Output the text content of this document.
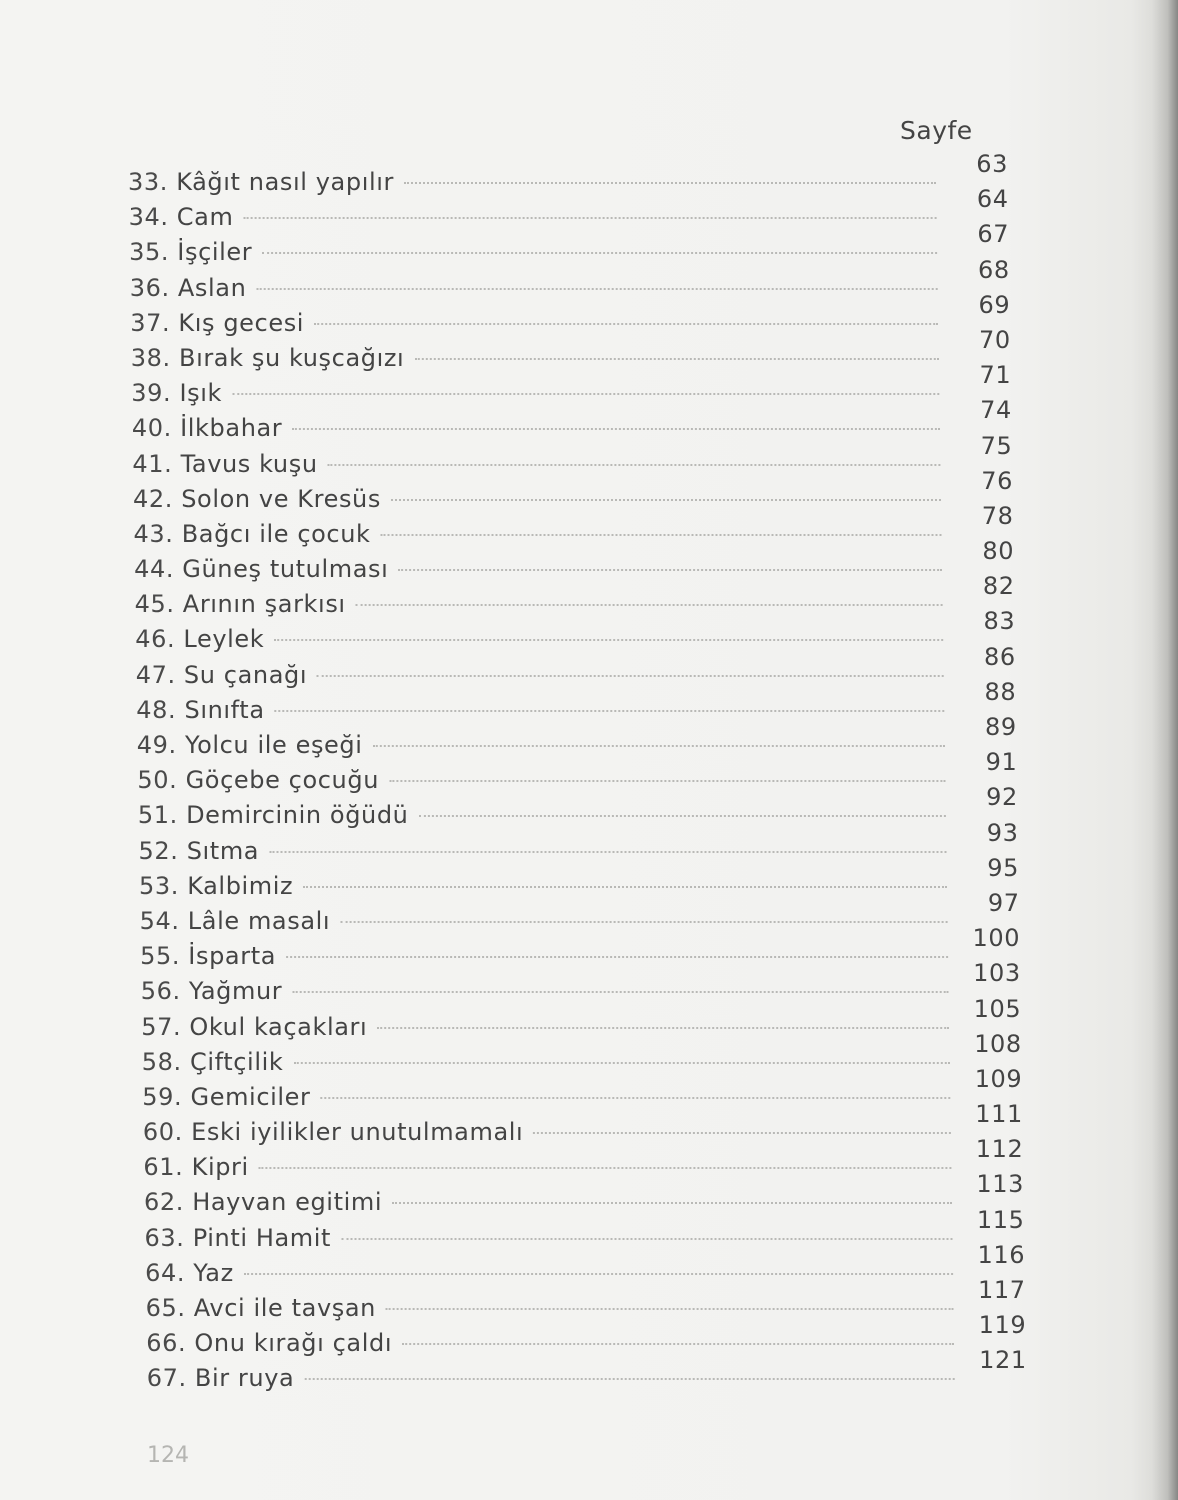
Sayfe
33.
Kâğıt nasıl yapılır
63
34.
Cam
64
35.
İşçiler
67
36.
Aslan
68
37.
Kış gecesi
69
38.
Bırak şu kuşcağızı
70
39.
Işık
71
40.
İlkbahar
74
41.
Tavus kuşu
75
42.
Solon ve Kresüs
76
43.
Bağcı ile çocuk
78
44.
Güneş tutulması
80
45.
Arının şarkısı
82
46.
Leylek
83
47.
Su çanağı
86
48.
Sınıfta
88
49.
Yolcu ile eşeği
89
50.
Göçebe çocuğu
91
51.
Demircinin öğüdü
92
52.
Sıtma
93
53.
Kalbimiz
95
54.
Lâle masalı
97
55.
İsparta
100
56.
Yağmur
103
57.
Okul kaçakları
105
58.
Çiftçilik
108
59.
Gemiciler
109
60.
Eski iyilikler unutulmamalı
111
61.
Kipri
112
62.
Hayvan egitimi
113
63.
Pinti Hamit
115
64.
Yaz
116
65.
Avci ile tavşan
117
66.
Onu kırağı çaldı
119
67.
Bir ruya
121
124
